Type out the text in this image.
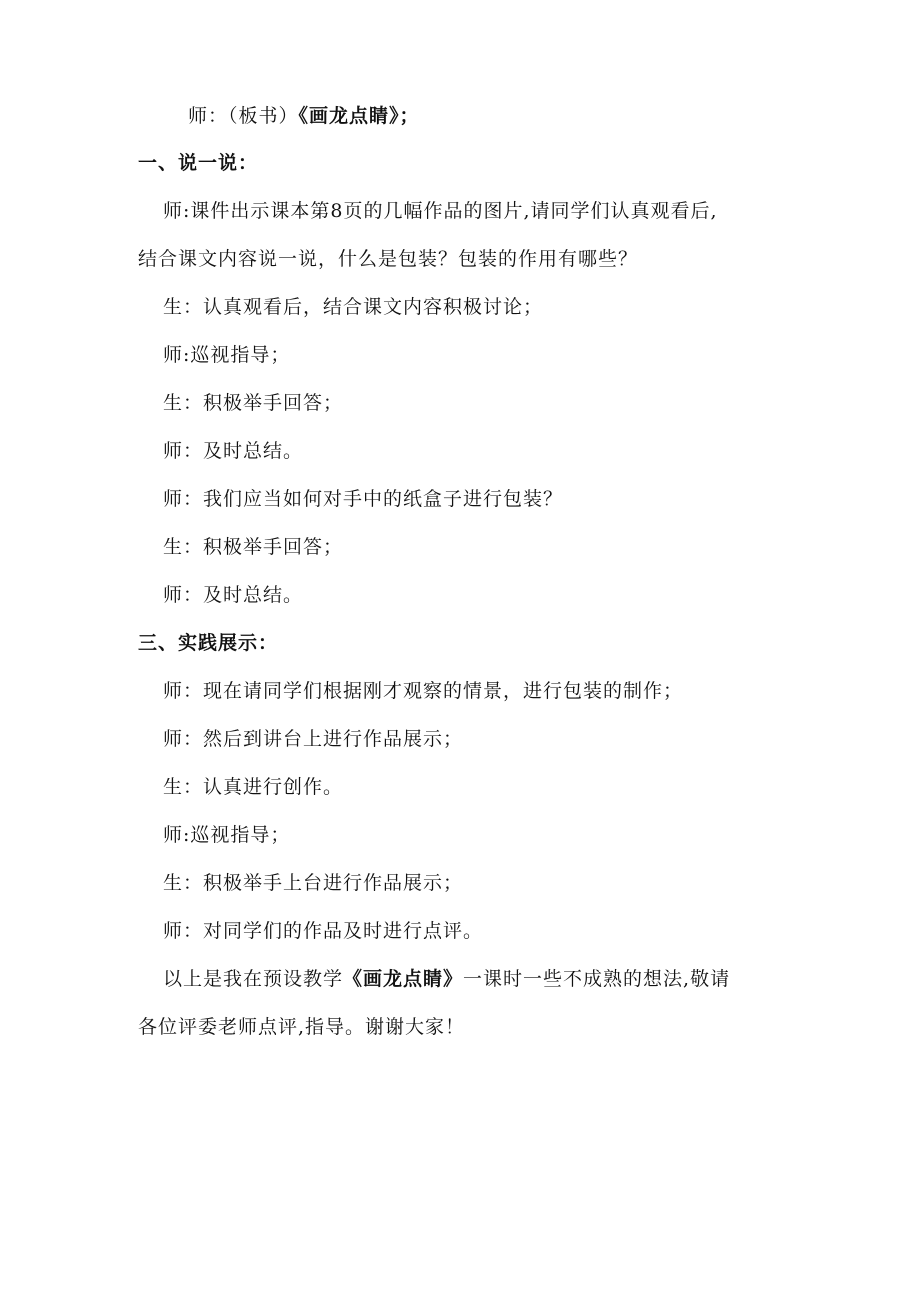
师：（板书）《画龙点睛》；
一、说一说：
师:课件出示课本第8页的几幅作品的图片,请同学们认真观看后,
结合课文内容说一说，什么是包装？包装的作用有哪些？
生：认真观看后，结合课文内容积极讨论；
师:巡视指导；
生：积极举手回答；
师：及时总结。
师：我们应当如何对手中的纸盒子进行包装？
生：积极举手回答；
师：及时总结。
三、实践展示：
师：现在请同学们根据刚才观察的情景，进行包装的制作；
师：然后到讲台上进行作品展示；
生：认真进行创作。
师:巡视指导；
生：积极举手上台进行作品展示；
师：对同学们的作品及时进行点评。
以上是我在预设教学《画龙点睛》一课时一些不成熟的想法,敬请
各位评委老师点评,指导。谢谢大家！
